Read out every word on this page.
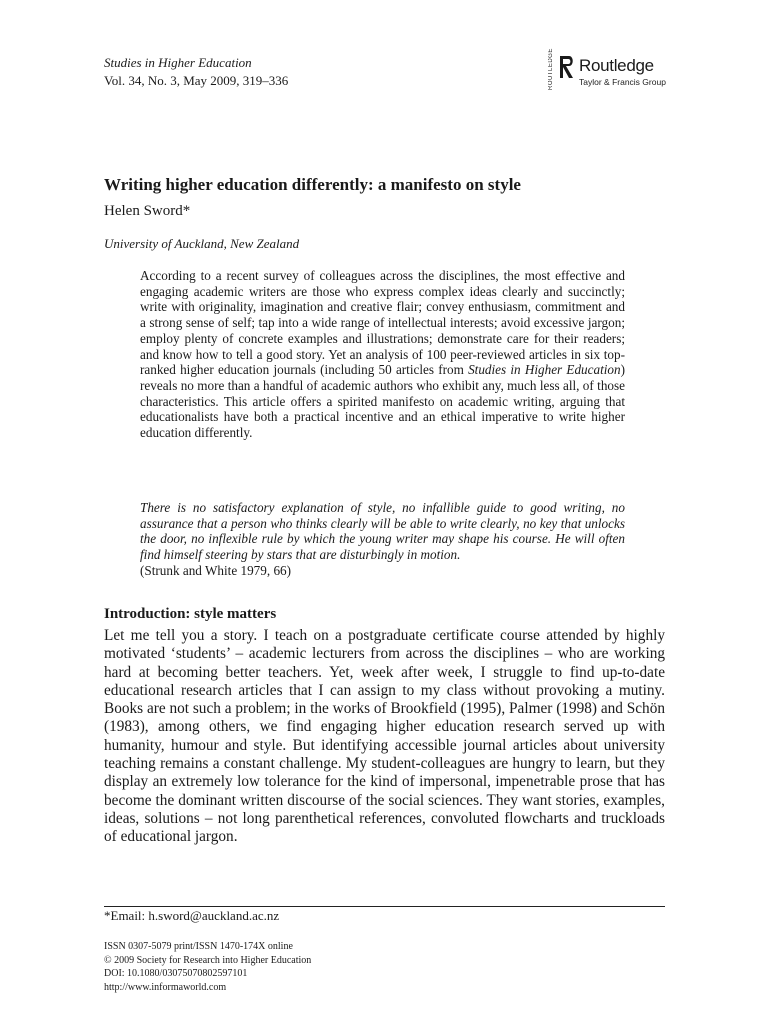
Studies in Higher Education
Vol. 34, No. 3, May 2009, 319–336	ROUTLEDGE Routledge
Taylor & Francis Group
Writing higher education differently: a manifesto on style
Helen Sword*
University of Auckland, New Zealand
According to a recent survey of colleagues across the disciplines, the most effective and engaging academic writers are those who express complex ideas clearly and succinctly; write with originality, imagination and creative flair; convey enthusiasm, commitment and a strong sense of self; tap into a wide range of intellectual interests; avoid excessive jargon; employ plenty of concrete examples and illustrations; demonstrate care for their readers; and know how to tell a good story. Yet an analysis of 100 peer-reviewed articles in six top-ranked higher education journals (including 50 articles from Studies in Higher Education) reveals no more than a handful of academic authors who exhibit any, much less all, of those characteristics. This article offers a spirited manifesto on academic writing, arguing that educationalists have both a practical incentive and an ethical imperative to write higher education differently.
There is no satisfactory explanation of style, no infallible guide to good writing, no assurance that a person who thinks clearly will be able to write clearly, no key that unlocks the door, no inflexible rule by which the young writer may shape his course. He will often find himself steering by stars that are disturbingly in motion.
(Strunk and White 1979, 66)
Introduction: style matters
Let me tell you a story. I teach on a postgraduate certificate course attended by highly motivated ‘students’ – academic lecturers from across the disciplines – who are working hard at becoming better teachers. Yet, week after week, I struggle to find up-to-date educational research articles that I can assign to my class without provoking a mutiny. Books are not such a problem; in the works of Brookfield (1995), Palmer (1998) and Schön (1983), among others, we find engaging higher education research served up with humanity, humour and style. But identifying accessible journal articles about university teaching remains a constant challenge. My student-colleagues are hungry to learn, but they display an extremely low tolerance for the kind of impersonal, impenetrable prose that has become the dominant written discourse of the social sciences. They want stories, examples, ideas, solutions – not long parenthetical references, convoluted flowcharts and truckloads of educational jargon.
*Email: h.sword@auckland.ac.nz
ISSN 0307-5079 print/ISSN 1470-174X online
© 2009 Society for Research into Higher Education
DOI: 10.1080/03075070802597101
http://www.informaworld.com
